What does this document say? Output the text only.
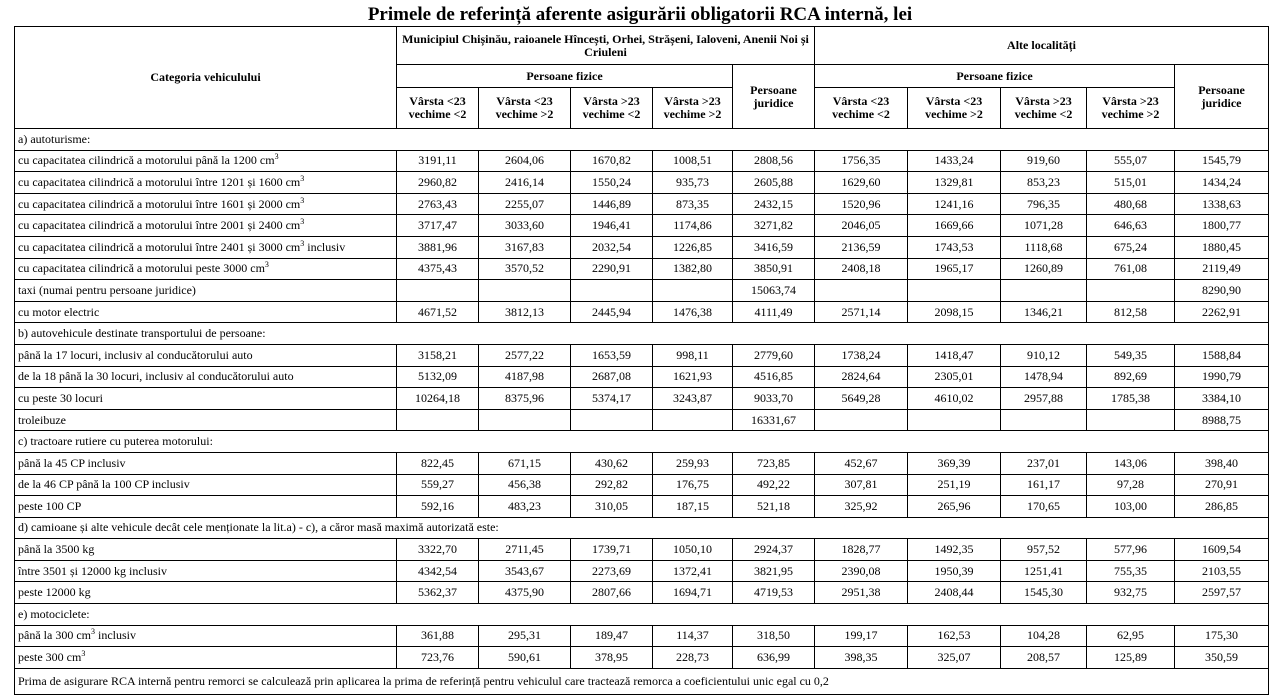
Primele de referință aferente asigurării obligatorii RCA internă, lei
Categoria vehiculului	Municipiul Chișinău, raioanele Hîncești, Orhei, Strășeni, Ialoveni, Anenii Noi și Criuleni					Alte localități				
	Persoane fizice				Persoane juridice	Persoane fizice				Persoane juridice
	Vârsta <23 vechime <2	Vârsta <23 vechime >2	Vârsta >23 vechime <2	Vârsta >23 vechime >2		Vârsta <23 vechime <2	Vârsta <23 vechime >2	Vârsta >23 vechime <2	Vârsta >23 vechime >2	
a) autoturisme:										
cu capacitatea cilindrică a motorului până la 1200 $cm^3$	3191,11	2604,06	1670,82	1008,51	2808,56	1756,35	1433,24	919,60	555,07	1545,79
cu capacitatea cilindrică a motorului între 1201 și 1600 $cm^3$	2960,82	2416,14	1550,24	935,73	2605,88	1629,60	1329,81	853,23	515,01	1434,24
cu capacitatea cilindrică a motorului între 1601 și 2000 $cm^3$	2763,43	2255,07	1446,89	873,35	2432,15	1520,96	1241,16	796,35	480,68	1338,63
cu capacitatea cilindrică a motorului între 2001 și 2400 $cm^3$	3717,47	3033,60	1946,41	1174,86	3271,82	2046,05	1669,66	1071,28	646,63	1800,77
cu capacitatea cilindrică a motorului între 2401 și 3000 $cm^3$ inclusiv	3881,96	3167,83	2032,54	1226,85	3416,59	2136,59	1743,53	1118,68	675,24	1880,45
cu capacitatea cilindrică a motorului peste 3000 $cm^3$	4375,43	3570,52	2290,91	1382,80	3850,91	2408,18	1965,17	1260,89	761,08	2119,49
taxi (numai pentru persoane juridice)					15063,74					8290,90
cu motor electric	4671,52	3812,13	2445,94	1476,38	4111,49	2571,14	2098,15	1346,21	812,58	2262,91
b) autovehicule destinate transportului de persoane:										
până la 17 locuri, inclusiv al conducătorului auto	3158,21	2577,22	1653,59	998,11	2779,60	1738,24	1418,47	910,12	549,35	1588,84
de la 18 până la 30 locuri, inclusiv al conducătorului auto	5132,09	4187,98	2687,08	1621,93	4516,85	2824,64	2305,01	1478,94	892,69	1990,79
cu peste 30 locuri	10264,18	8375,96	5374,17	3243,87	9033,70	5649,28	4610,02	2957,88	1785,38	3384,10
troleibuze					16331,67					8988,75
c) tractoare rutiere cu puterea motorului:										
până la 45 CP inclusiv	822,45	671,15	430,62	259,93	723,85	452,67	369,39	237,01	143,06	398,40
de la 46 CP până la 100 CP inclusiv	559,27	456,38	292,82	176,75	492,22	307,81	251,19	161,17	97,28	270,91
peste 100 CP	592,16	483,23	310,05	187,15	521,18	325,92	265,96	170,65	103,00	286,85
d) camioane și alte vehicule decât cele menționate la lit.a) - c), a căror masă maximă autorizată este:										
până la 3500 kg	3322,70	2711,45	1739,71	1050,10	2924,37	1828,77	1492,35	957,52	577,96	1609,54
între 3501 și 12000 kg inclusiv	4342,54	3543,67	2273,69	1372,41	3821,95	2390,08	1950,39	1251,41	755,35	2103,55
peste 12000 kg	5362,37	4375,90	2807,66	1694,71	4719,53	2951,38	2408,44	1545,30	932,75	2597,57
e) motociclete:										
până la 300 $cm^3$ inclusiv	361,88	295,31	189,47	114,37	318,50	199,17	162,53	104,28	62,95	175,30
peste 300 $cm^3$	723,76	590,61	378,95	228,73	636,99	398,35	325,07	208,57	125,89	350,59
Prima de asigurare RCA internă pentru remorci se calculează prin aplicarea la prima de referință pentru vehiculul care tractează remorca a coeficientului unic egal cu 0,2										
